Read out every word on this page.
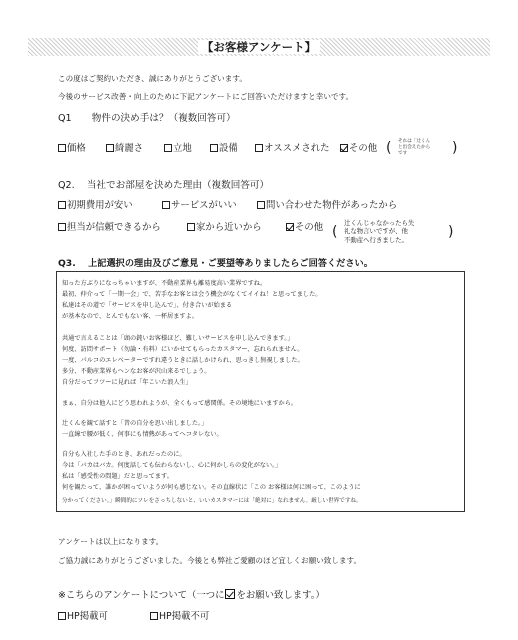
【お客様アンケート】
この度はご契約いただき、誠にありがとうございます。
今後のサービス改善・向上のために下記アンケートにご回答いただけますと幸いです。
Q1 物件の決め手は？（複数回答可）
価格	綺麗さ	立地	設備	オススメされた	その他 ( それは「辻くん
と出会えたから
です	)
Q2. 当社でお部屋を決めた理由（複数回答可）
初期費用が安い	サービスがいい	問い合わせた物件があったから
担当が信頼できるから	家から近いから	その他 (
辻くんじゃなかったら失
礼な物言いですが、他
不動産へ行きました。	)
Q3. 上記選択の理由及びご意見・ご要望等ありましたらご回答ください。
知った方ぶりになっちゃいますが、不動産業界も離易度高い業界ですね。
最初、仲介って「一期一会」で、苦手なお客とは会う機会がなくてイイね！と思ってました。
私達はその道で「サービスを申し込んで」、付き合いが始まる
が基本なので、とんでもない客、一杯居ますよ。
共通で言えることは「頭の鈍いお客様ほど、難しいサービスを申し込んできます。」
何度、訪問サポート（勿論・有料）にいかせてもらったカスタマー、忘れられません。
一度、パルコのエレベーターですれ違うときに話しかけられ、思っきし無視しました。
多分、不動産業界もヘンなお客が沢山来るでしょう。
自分だってフツーに見れば「年こいた浪人生」
まぁ、自分は他人にどう思われようが、全くもって感関係。その境地にいますから。
辻くんを観て話すと「昔の自分を思い出しました。」
一直線で腰が低く、何事にも情熱があってヘコタレない。
自分も入社した手のとき、あれだったのに。
今は「バカはバカ。何度話しても伝わらないし、心に何かしらの変化がない。」
私は「感受性の問題」だと思ってます。
何を観たって、誰かが困っていようが何も感じない。その直線状に「この お客様は何に困って、このように
分かってください。」瞬間的にソレをさっちしないと、いいカスタマーには「絶対に」なれません。厳しい世界ですね。
アンケートは以上になります。
ご協力誠にありがとうございました。今後とも弊社ご愛顧のほど宜しくお願い致します。
※こちらのアンケートについて（一つに をお願い致します。）
HP掲載可	HP掲載不可
